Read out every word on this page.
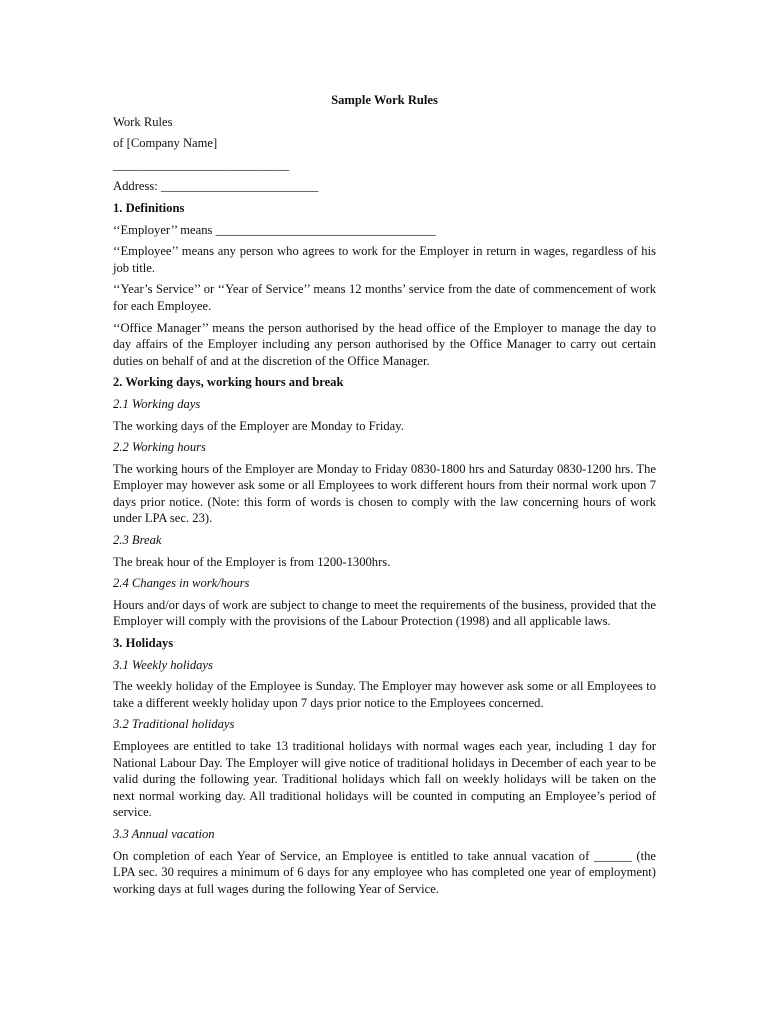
Sample Work Rules

Work Rules

of [Company Name]

____________________________

Address: _________________________

1. Definitions

‘‘Employer’’ means ___________________________________

‘‘Employee’’ means any person who agrees to work for the Employer in return in wages, regardless of his job title.

‘‘Year’s Service’’ or ‘‘Year of Service’’ means 12 months’ service from the date of commencement of work for each Employee.

‘‘Office Manager’’ means the person authorised by the head office of the Employer to manage the day to day affairs of the Employer including any person authorised by the Office Manager to carry out certain duties on behalf of and at the discretion of the Office Manager.

2. Working days, working hours and break

2.1 Working days

The working days of the Employer are Monday to Friday.

2.2 Working hours

The working hours of the Employer are Monday to Friday 0830-1800 hrs and Saturday 0830-1200 hrs. The Employer may however ask some or all Employees to work different hours from their normal work upon 7 days prior notice. (Note: this form of words is chosen to comply with the law concerning hours of work under LPA sec. 23).

2.3 Break

The break hour of the Employer is from 1200-1300hrs.

2.4 Changes in work/hours

Hours and/or days of work are subject to change to meet the requirements of the business, provided that the Employer will comply with the provisions of the Labour Protection (1998) and all applicable laws.

3. Holidays

3.1 Weekly holidays

The weekly holiday of the Employee is Sunday. The Employer may however ask some or all Employees to take a different weekly holiday upon 7 days prior notice to the Employees concerned.

3.2 Traditional holidays

Employees are entitled to take 13 traditional holidays with normal wages each year, including 1 day for National Labour Day. The Employer will give notice of traditional holidays in December of each year to be valid during the following year. Traditional holidays which fall on weekly holidays will be taken on the next normal working day. All traditional holidays will be counted in computing an Employee’s period of service.

3.3 Annual vacation

On completion of each Year of Service, an Employee is entitled to take annual vacation of ______ (the LPA sec. 30 requires a minimum of 6 days for any employee who has completed one year of employment) working days at full wages during the following Year of Service.
